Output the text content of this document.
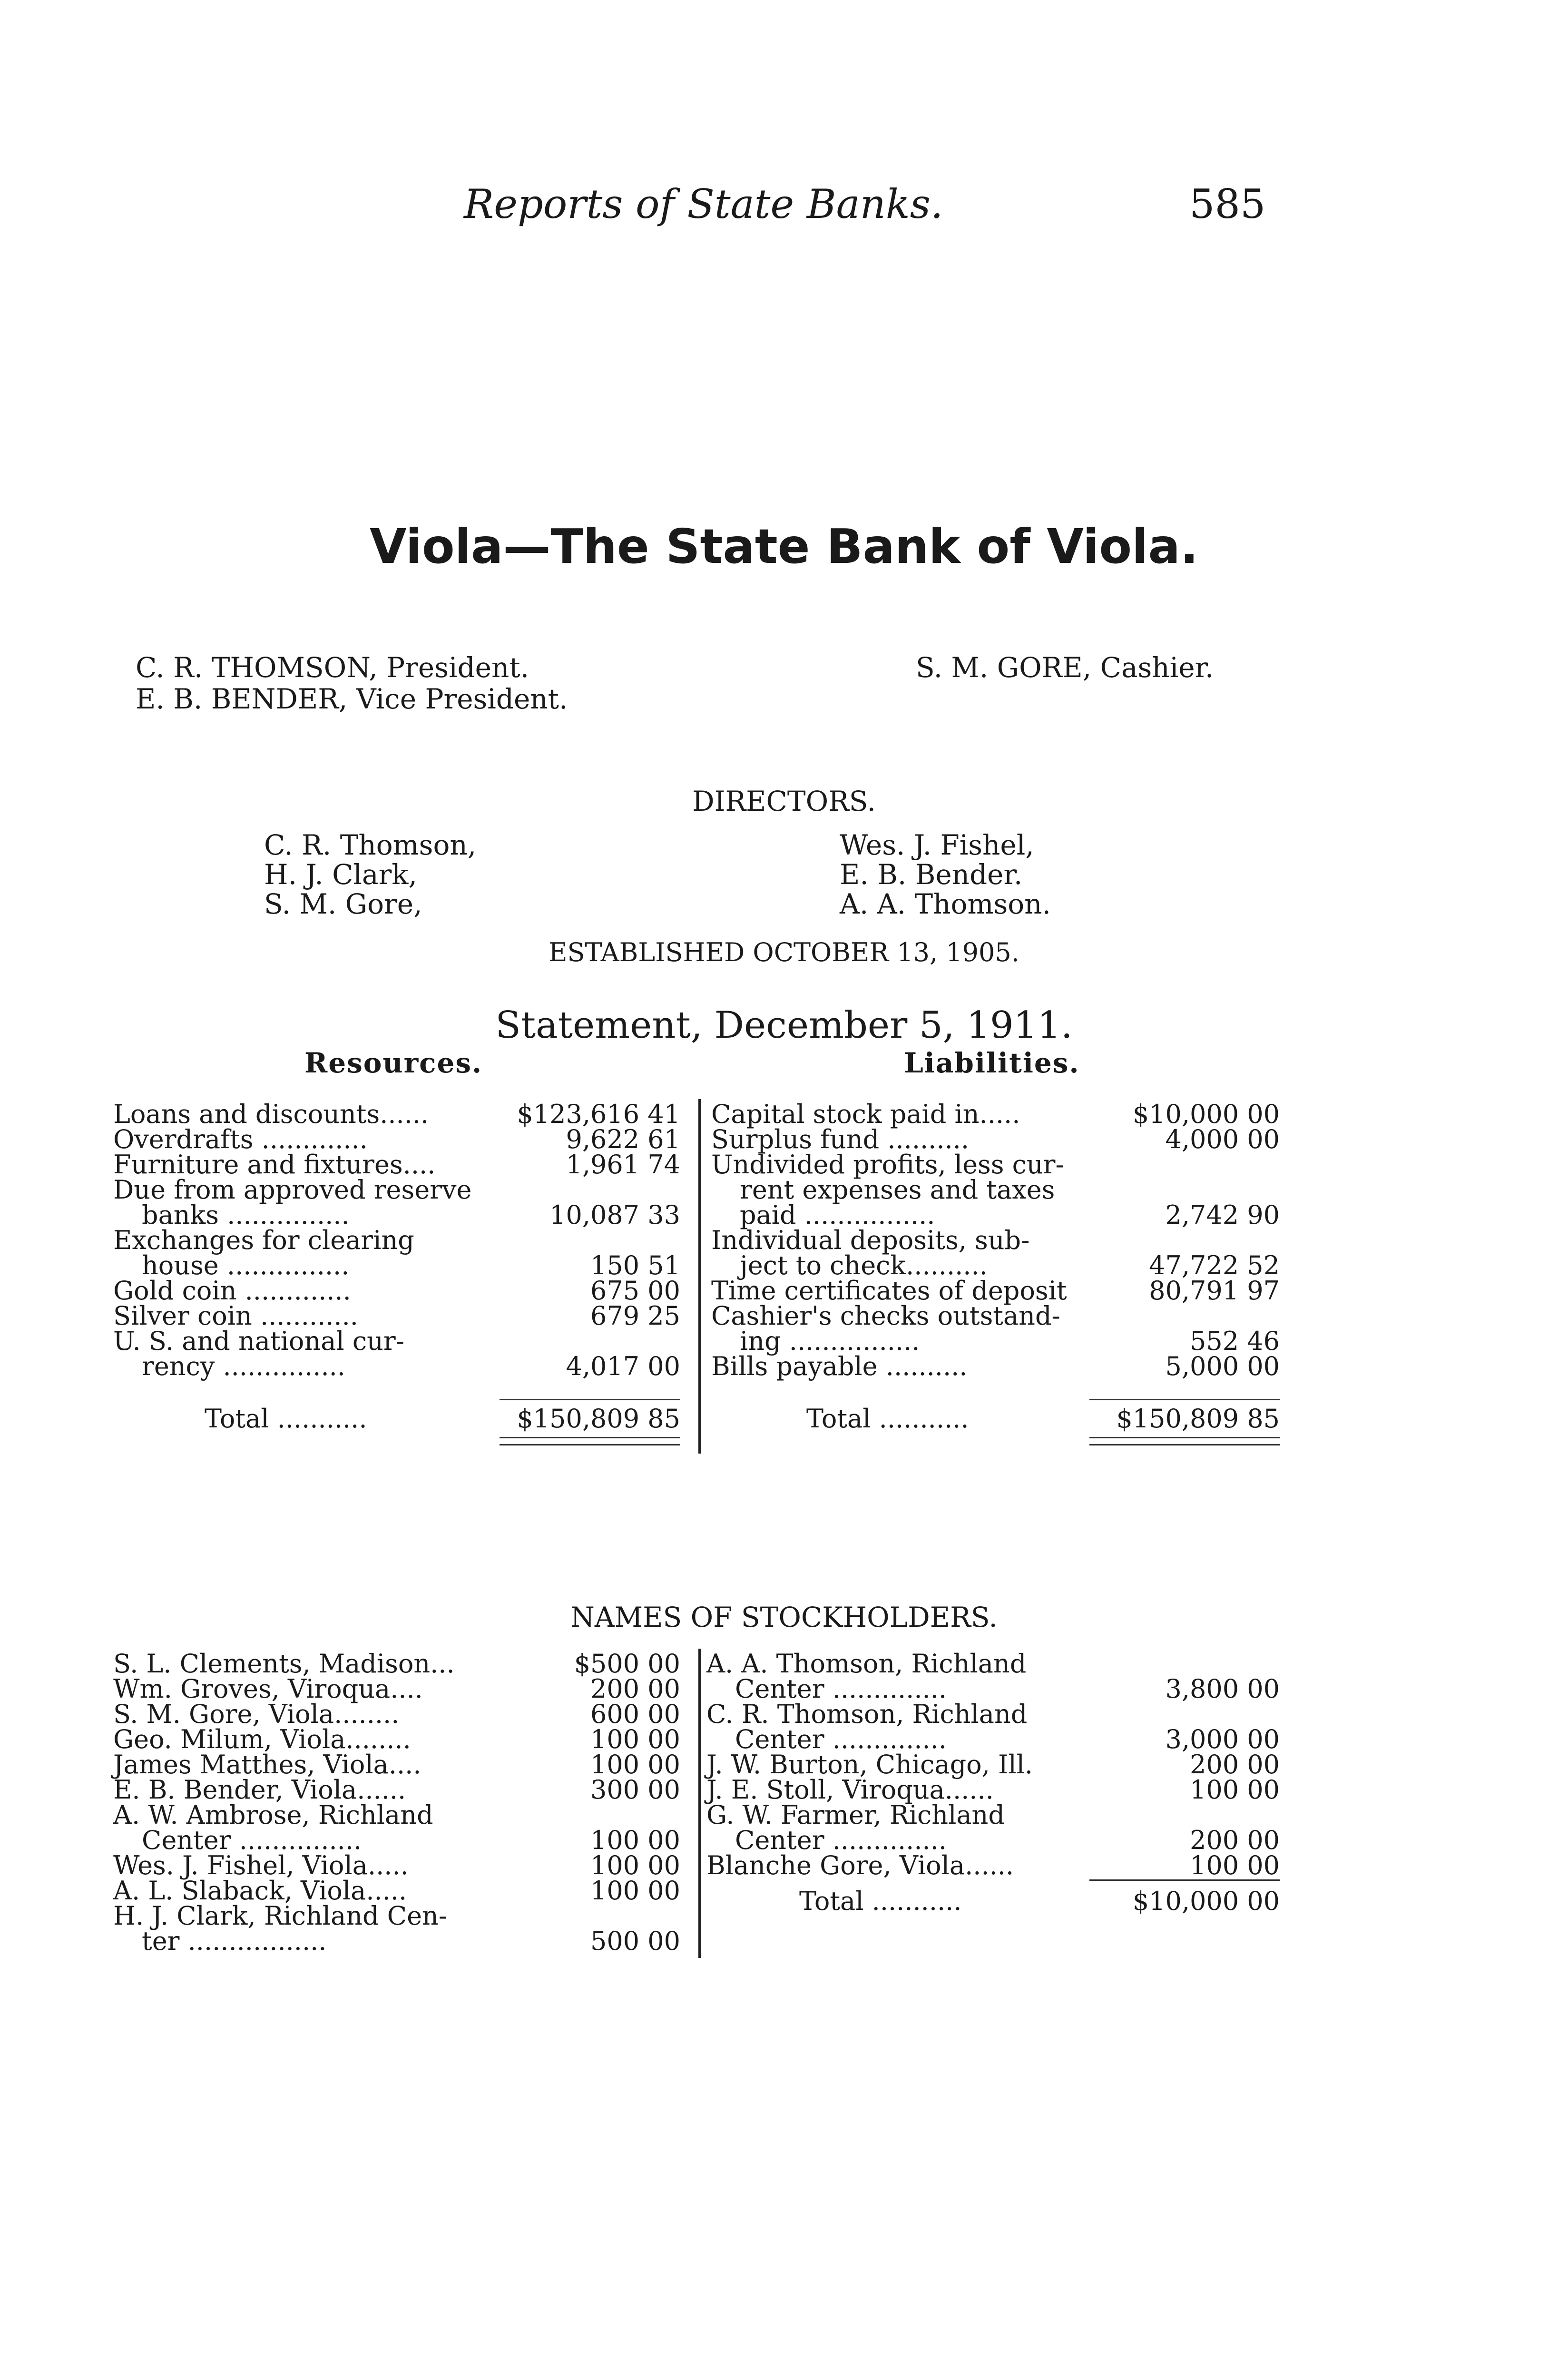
Reports of State Banks.	585
Viola—The State Bank of Viola.
C. R. THOMSON, President.
E. B. BENDER, Vice President.
S. M. GORE, Cashier.
DIRECTORS.
C. R. Thomson,
H. J. Clark,
S. M. Gore,
Wes. J. Fishel,
E. B. Bender.
A. A. Thomson.
ESTABLISHED OCTOBER 13, 1905.
Statement, December 5, 1911.
Resources.	Liabilities.
Loans and discounts......	$123,616 41
Overdrafts .............	9,622 61
Furniture and fixtures....	1,961 74
Due from approved reserve
banks ...............	10,087 33
Exchanges for clearing
house ...............	150 51
Gold coin .............	675 00
Silver coin ............	679 25
U. S. and national cur-
rency ...............	4,017 00
Total ...........	$150,809 85
Capital stock paid in.....	$10,000 00
Surplus fund ..........	4,000 00
Undivided profits, less cur-
rent expenses and taxes
paid ................	2,742 90
Individual deposits, sub-
ject to check..........	47,722 52
Time certificates of deposit	80,791 97
Cashier's checks outstand-
ing ................	552 46
Bills payable ..........	5,000 00
Total ...........	$150,809 85
NAMES OF STOCKHOLDERS.
S. L. Clements, Madison...	$500 00
Wm. Groves, Viroqua....	200 00
S. M. Gore, Viola........	600 00
Geo. Milum, Viola........	100 00
James Matthes, Viola....	100 00
E. B. Bender, Viola......	300 00
A. W. Ambrose, Richland
Center ...............	100 00
Wes. J. Fishel, Viola.....	100 00
A. L. Slaback, Viola.....	100 00
H. J. Clark, Richland Cen-
ter .................	500 00
A. A. Thomson, Richland
Center ..............	3,800 00
C. R. Thomson, Richland
Center ..............	3,000 00
J. W. Burton, Chicago, Ill.	200 00
J. E. Stoll, Viroqua......	100 00
G. W. Farmer, Richland
Center ..............	200 00
Blanche Gore, Viola......	100 00
Total ...........	$10,000 00
